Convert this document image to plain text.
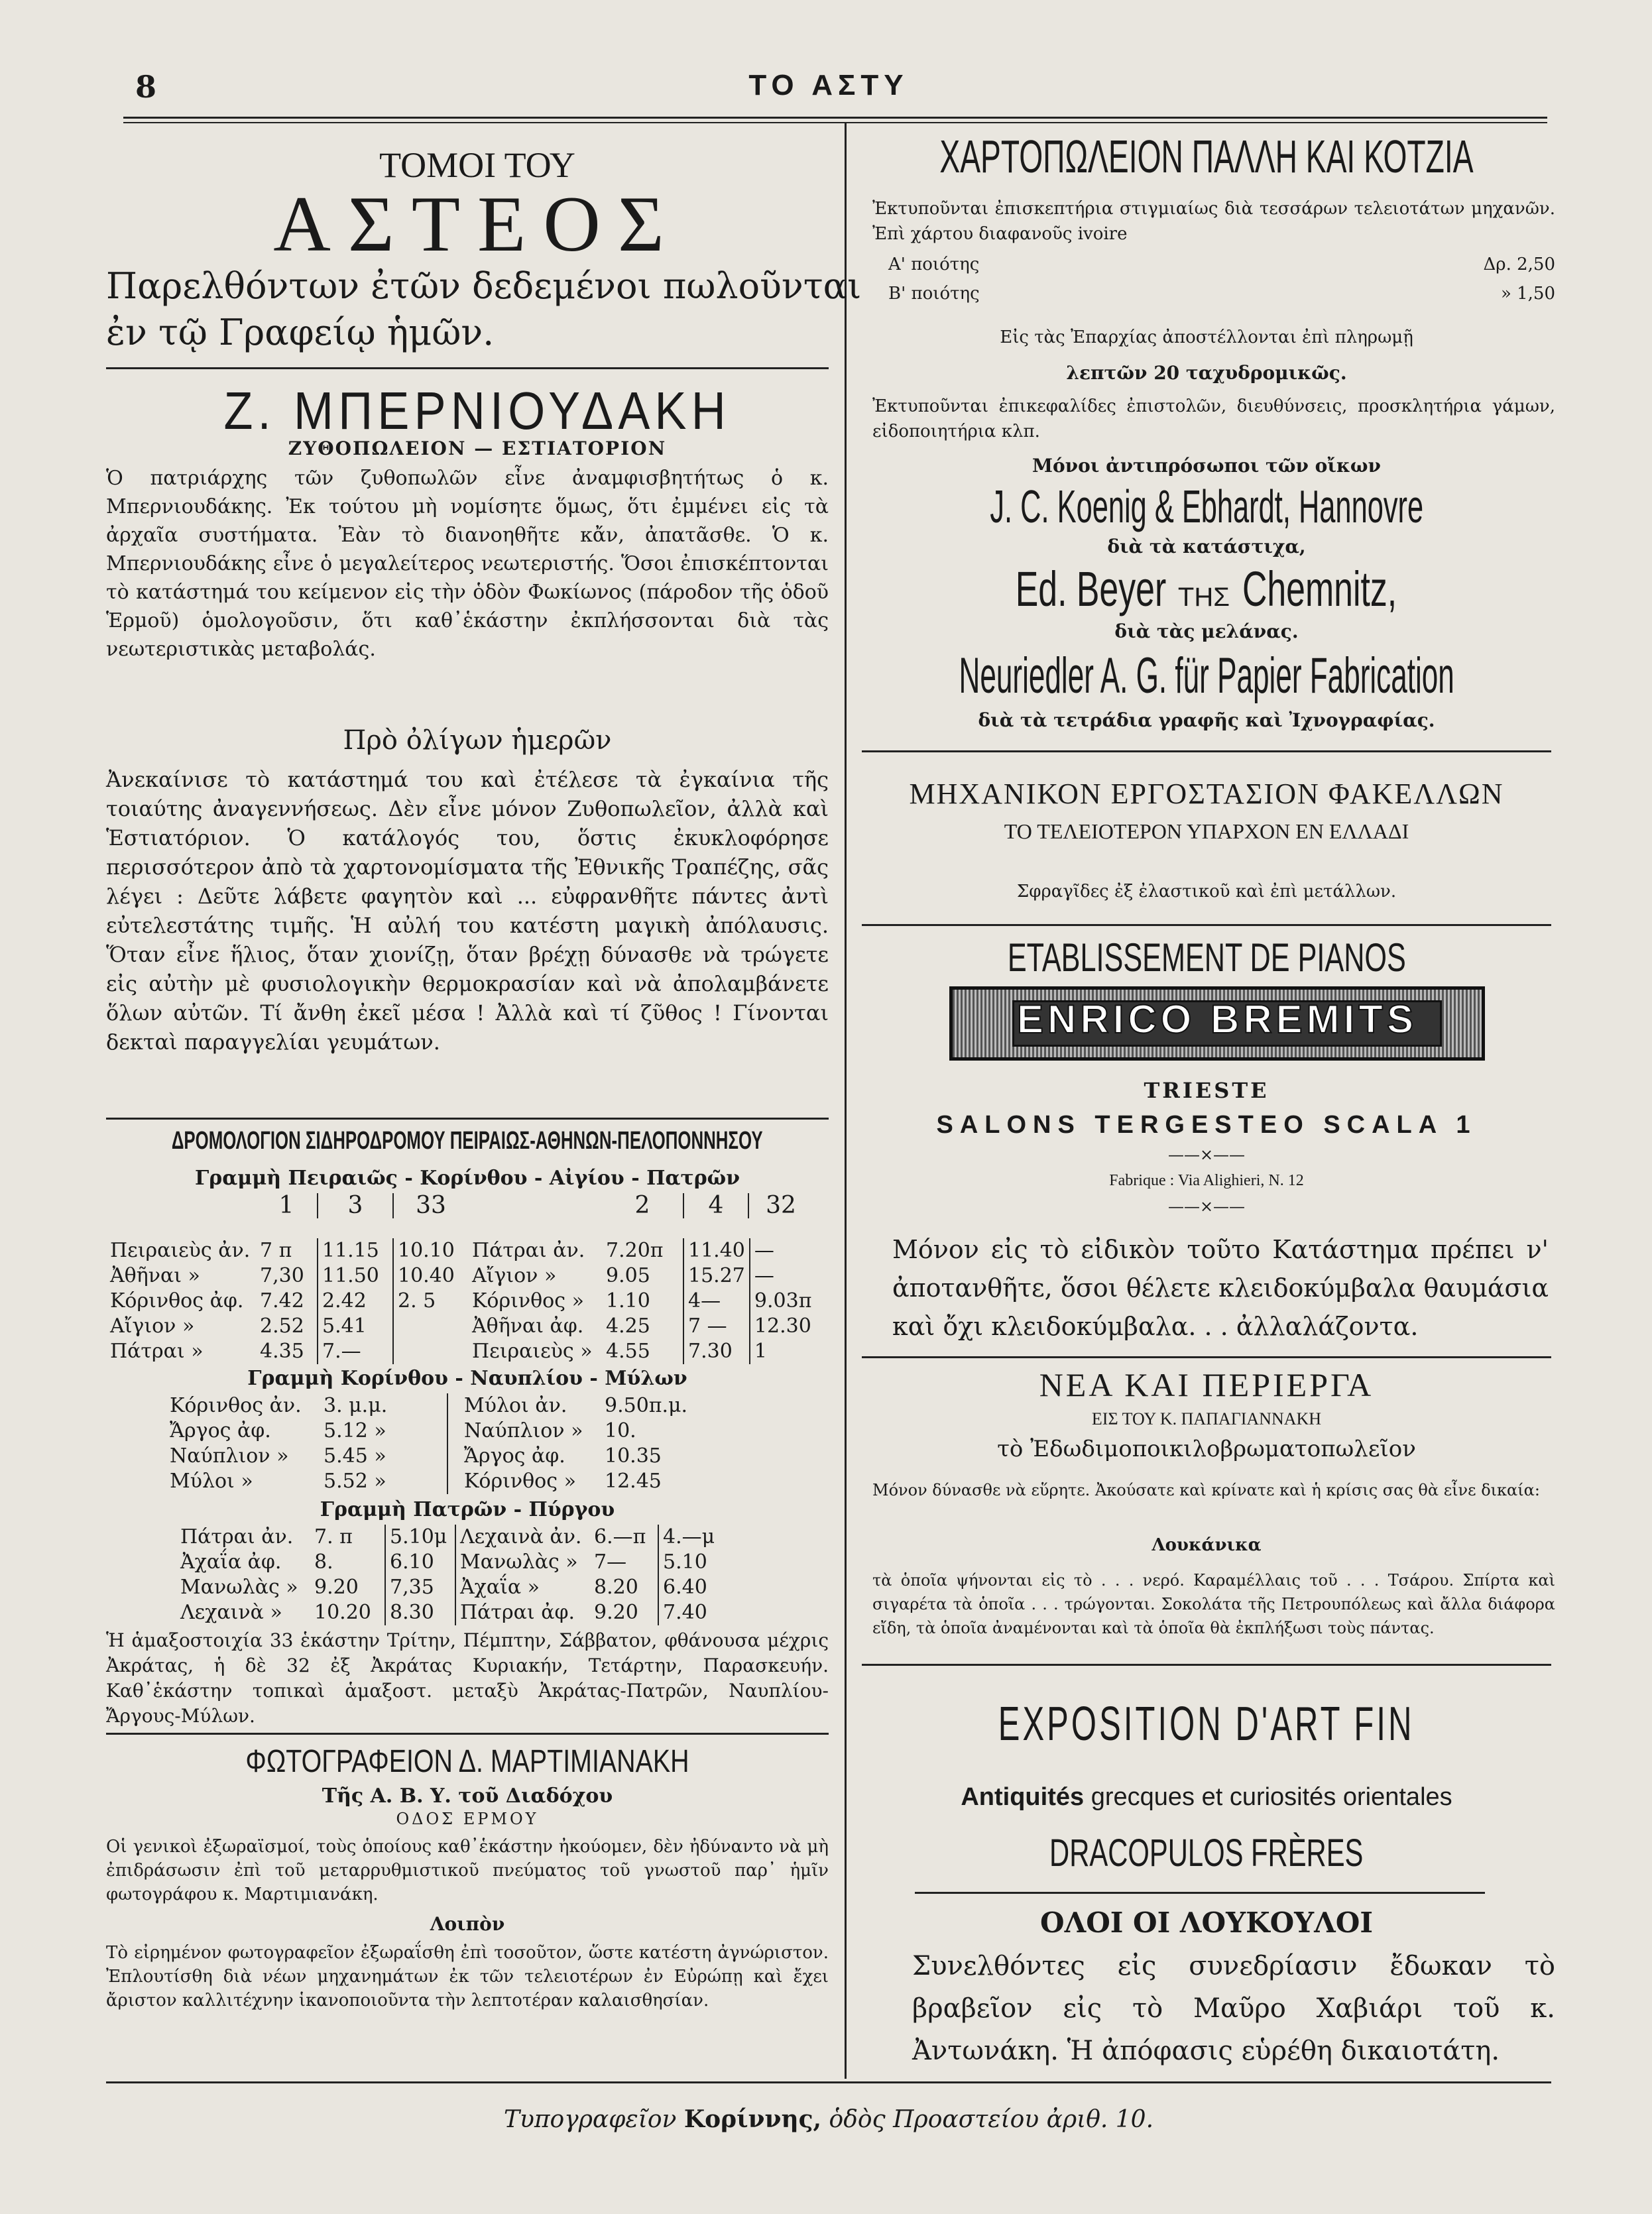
8	ΤΟ ΑΣΤΥ
ΤΟΜΟΙ ΤΟΥ
ΑΣΤΕΟΣ
Παρελθόντων ἐτῶν δεδεμένοι πωλοῦνται
ἐν τῷ Γραφείῳ ἡμῶν.
Ζ. ΜΠΕΡΝΙΟΥΔΑΚΗ
ΖΥΘΟΠΩΛΕΙΟΝ — ΕΣΤΙΑΤΟΡΙΟΝ
Ὁ πατριάρχης τῶν ζυθοπωλῶν εἶνε ἀναμφισβητήτως ὁ κ. Μπερνιουδάκης. Ἐκ τούτου μὴ νομίσητε ὅμως, ὅτι ἐμμένει εἰς τὰ ἀρχαῖα συστήματα. Ἐὰν τὸ διανοηθῆτε κἄν, ἀπατᾶσθε. Ὁ κ. Μπερνιουδάκης εἶνε ὁ μεγαλείτερος νεωτεριστής. Ὅσοι ἐπισκέπτονται τὸ κατάστημά του κείμενον εἰς τὴν ὁδὸν Φωκίωνος (πάροδον τῆς ὁδοῦ Ἑρμοῦ) ὁμολογοῦσιν, ὅτι καθ᾽ἑκάστην ἐκπλήσσονται διὰ τὰς νεωτεριστικὰς μεταβολάς.
Πρὸ ὀλίγων ἡμερῶν
Ἀνεκαίνισε τὸ κατάστημά του καὶ ἐτέλεσε τὰ ἐγκαίνια τῆς τοιαύτης ἀναγεννήσεως. Δὲν εἶνε μόνον Ζυθοπωλεῖον, ἀλλὰ καὶ Ἑστιατόριον. Ὁ κατάλογός του, ὅστις ἐκυκλοφόρησε περισσότερον ἀπὸ τὰ χαρτονομίσματα τῆς Ἐθνικῆς Τραπέζης, σᾶς λέγει : Δεῦτε λάβετε φαγητὸν καὶ ... εὐφρανθῆτε πάντες ἀντὶ εὐτελεστάτης τιμῆς. Ἡ αὐλή του κατέστη μαγικὴ ἀπόλαυσις. Ὅταν εἶνε ἥλιος, ὅταν χιονίζῃ, ὅταν βρέχῃ δύνασθε νὰ τρώγετε εἰς αὐτὴν μὲ φυσιολογικὴν θερμοκρασίαν καὶ νὰ ἀπολαμβάνετε ὅλων αὐτῶν. Τί ἄνθη ἐκεῖ μέσα ! Ἀλλὰ καὶ τί ζῦθος ! Γίνονται δεκταὶ παραγγελίαι γευμάτων.
ΔΡΟΜΟΛΟΓΙΟΝ ΣΙΔΗΡΟΔΡΟΜΟΥ ΠΕΙΡΑΙΩΣ-ΑΘΗΝΩΝ-ΠΕΛΟΠΟΝΝΗΣΟΥ
Γραμμὴ Πειραιῶς - Κορίνθου - Αἰγίου - Πατρῶν
	1	3	33		2	4	32
Πειραιεὺς ἀν.	7 π	11.15	10.10	Πάτραι ἀν.	7.20π	11.40	—
Ἀθῆναι »	7,30	11.50	10.40	Αἴγιον »	9.05	15.27	—
Κόρινθος ἀφ.	7.42	2.42	2. 5	Κόρινθος »	1.10	4—	9.03π
Αἴγιον »	2.52	5.41		Ἀθῆναι ἀφ.	4.25	7 —	12.30
Πάτραι »	4.35	7.—		Πειραιεὺς »	4.55	7.30	1
Γραμμὴ Κορίνθου - Ναυπλίου - Μύλων
Κόρινθος ἀν.	3. μ.μ.	Μύλοι ἀν.	9.50π.μ.
Ἄργος ἀφ.	5.12 »	Ναύπλιον »	10.
Ναύπλιον »	5.45 »	Ἄργος ἀφ.	10.35
Μύλοι »	5.52 »	Κόρινθος »	12.45
Γραμμὴ Πατρῶν - Πύργου
Πάτραι ἀν.	7. π	5.10μ	Λεχαινὰ ἀν.	6.—π	4.—μ
Ἀχαΐα ἀφ.	8.	6.10	Μανωλὰς »	7—	5.10
Μανωλὰς »	9.20	7,35	Ἀχαΐα »	8.20	6.40
Λεχαινὰ »	10.20	8.30	Πάτραι ἀφ.	9.20	7.40
Ἡ ἁμαξοστοιχία 33 ἑκάστην Τρίτην, Πέμπτην, Σάββατον, φθάνουσα μέχρις Ἀκράτας, ἡ δὲ 32 ἐξ Ἀκράτας Κυριακήν, Τετάρτην, Παρασκευήν. Καθ᾽ἑκάστην τοπικαὶ ἁμαξοστ. μεταξὺ Ἀκράτας-Πατρῶν, Ναυπλίου-Ἄργους-Μύλων.
ΦΩΤΟΓΡΑΦΕΙΟΝ Δ. ΜΑΡΤΙΜΙΑΝΑΚΗ
Τῆς Α. Β. Υ. τοῦ Διαδόχου
ΟΔΟΣ ΕΡΜΟΥ
Οἱ γενικοὶ ἐξωραϊσμοί, τοὺς ὁποίους καθ᾽ἑκάστην ἠκούομεν, δὲν ἠδύναντο νὰ μὴ ἐπιδράσωσιν ἐπὶ τοῦ μεταρρυθμιστικοῦ πνεύματος τοῦ γνωστοῦ παρ᾽ ἡμῖν φωτογράφου κ. Μαρτιμιανάκη.
Λοιπὸν
Τὸ εἰρημένον φωτογραφεῖον ἐξωραΐσθη ἐπὶ τοσοῦτον, ὥστε κατέστη ἀγνώριστον. Ἐπλουτίσθη διὰ νέων μηχανημάτων ἐκ τῶν τελειοτέρων ἐν Εὐρώπῃ καὶ ἔχει ἄριστον καλλιτέχνην ἱκανοποιοῦντα τὴν λεπτοτέραν καλαισθησίαν.
ΧΑΡΤΟΠΩΛΕΙΟΝ ΠΑΛΛΗ ΚΑΙ ΚΟΤΖΙΑ
Ἐκτυποῦνται ἐπισκεπτήρια στιγμιαίως διὰ τεσσάρων τελειοτάτων μηχανῶν. Ἐπὶ χάρτου διαφανοῦς ivoire
Α' ποιότης	Δρ. 2,50
Β' ποιότης	» 1,50
Εἰς τὰς Ἐπαρχίας ἀποστέλλονται ἐπὶ πληρωμῇ
λεπτῶν 20 ταχυδρομικῶς.
Ἐκτυποῦνται ἐπικεφαλίδες ἐπιστολῶν, διευθύνσεις, προσκλητήρια γάμων, εἰδοποιητήρια κλπ.
Μόνοι ἀντιπρόσωποι τῶν οἴκων
J. C. Koenig & Ebhardt, Hannovre
διὰ τὰ κατάστιχα,
Ed. Beyer ΤΗΣ Chemnitz,
διὰ τὰς μελάνας.
Neuriedler A. G. für Papier Fabrication
διὰ τὰ τετράδια γραφῆς καὶ Ἰχνογραφίας.
ΜΗΧΑΝΙΚΟΝ ΕΡΓΟΣΤΑΣΙΟΝ ΦΑΚΕΛΛΩΝ
ΤΟ ΤΕΛΕΙΟΤΕΡΟΝ ΥΠΑΡΧΟΝ ΕΝ ΕΛΛΑΔΙ
Σφραγῖδες ἐξ ἐλαστικοῦ καὶ ἐπὶ μετάλλων.
ETABLISSEMENT DE PIANOS
ENRICO BREMITS
TRIESTE
SALONS TERGESTEO SCALA 1
——×——
Fabrique : Via Alighieri, N. 12
——×——
Μόνον εἰς τὸ εἰδικὸν τοῦτο Κατάστημα πρέπει ν' ἀποτανθῆτε, ὅσοι θέλετε κλειδοκύμβαλα θαυμάσια καὶ ὄχι κλειδοκύμβαλα. . . ἀλλαλάζοντα.
ΝΕΑ ΚΑΙ ΠΕΡΙΕΡΓΑ
ΕΙΣ ΤΟΥ Κ. ΠΑΠΑΓΙΑΝΝΑΚΗ
τὸ Ἐδωδιμοποικιλοβρωματοπωλεῖον
Μόνον δύνασθε νὰ εὕρητε. Ἀκούσατε καὶ κρίνατε καὶ ἡ κρίσις σας θὰ εἶνε δικαία:
Λουκάνικα
τὰ ὁποῖα ψήνονται εἰς τὸ . . . νερό. Καραμέλλαις τοῦ . . . Τσάρου. Σπίρτα καὶ σιγαρέτα τὰ ὁποῖα . . . τρώγονται. Σοκολάτα τῆς Πετρουπόλεως καὶ ἄλλα διάφορα εἴδη, τὰ ὁποῖα ἀναμένονται καὶ τὰ ὁποῖα θὰ ἐκπλήξωσι τοὺς πάντας.
EXPOSITION D'ART FIN
Antiquités grecques et curiosités orientales
DRACOPULOS FRÈRES
ΟΛΟΙ ΟΙ ΛΟΥΚΟΥΛΟΙ
Συνελθόντες εἰς συνεδρίασιν ἔδωκαν τὸ βραβεῖον εἰς τὸ Μαῦρο Χαβιάρι τοῦ κ. Ἀντωνάκη. Ἡ ἀπόφασις εὑρέθη δικαιοτάτη.
Τυπογραφεῖον Κορίννης, ὁδὸς Προαστείου ἀριθ. 10.
